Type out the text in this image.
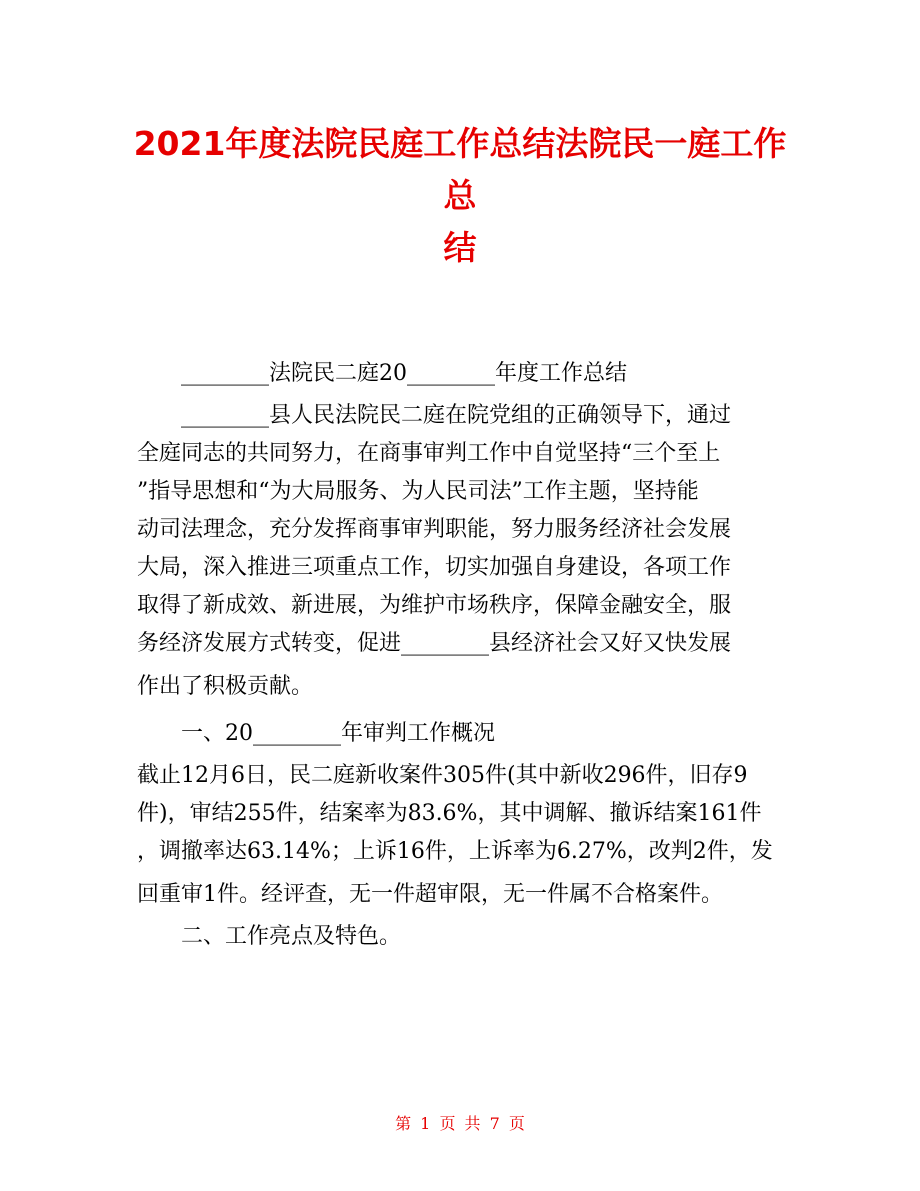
2021年度法院民庭工作总结法院民一庭工作总
结
________法院民二庭20________年度工作总结
________县人民法院民二庭在院党组的正确领导下，通过
全庭同志的共同努力，在商事审判工作中自觉坚持“三个至上
”指导思想和“为大局服务、为人民司法”工作主题，坚持能
动司法理念，充分发挥商事审判职能，努力服务经济社会发展
大局，深入推进三项重点工作，切实加强自身建设，各项工作
取得了新成效、新进展，为维护市场秩序，保障金融安全，服
务经济发展方式转变，促进________县经济社会又好又快发展
作出了积极贡献。
一、20________年审判工作概况
截止12月6日，民二庭新收案件305件(其中新收296件，旧存9
件)，审结255件，结案率为83.6%，其中调解、撤诉结案161件
，调撤率达63.14%；上诉16件，上诉率为6.27%，改判2件，发
回重审1件。经评查，无一件超审限，无一件属不合格案件。
二、工作亮点及特色。
第 1 页 共 7 页
